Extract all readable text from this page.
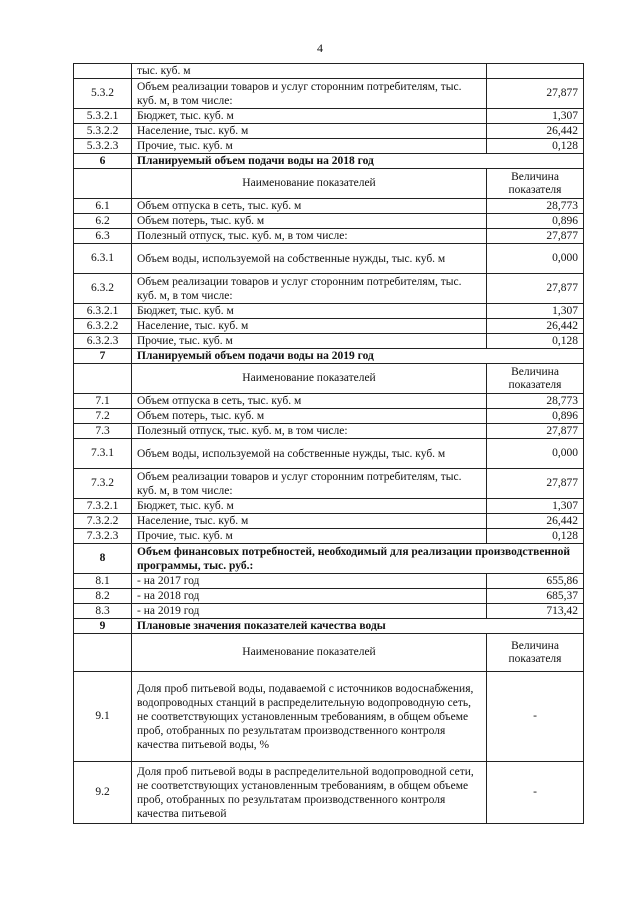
4
	тыс. куб. м	
5.3.2	Объем реализации товаров и услуг сторонним потребителям, тыс. куб. м, в том числе:	27,877
5.3.2.1	Бюджет, тыс. куб. м	1,307
5.3.2.2	Население, тыс. куб. м	26,442
5.3.2.3	Прочие, тыс. куб. м	0,128
6	Планируемый объем подачи воды на 2018 год	
	Наименование показателей	Величина показателя
6.1	Объем отпуска в сеть, тыс. куб. м	28,773
6.2	Объем потерь, тыс. куб. м	0,896
6.3	Полезный отпуск, тыс. куб. м, в том числе:	27,877
6.3.1	Объем воды, используемой на собственные нужды, тыс. куб. м	0,000
6.3.2	Объем реализации товаров и услуг сторонним потребителям, тыс. куб. м, в том числе:	27,877
6.3.2.1	Бюджет, тыс. куб. м	1,307
6.3.2.2	Население, тыс. куб. м	26,442
6.3.2.3	Прочие, тыс. куб. м	0,128
7	Планируемый объем подачи воды на 2019 год	
	Наименование показателей	Величина показателя
7.1	Объем отпуска в сеть, тыс. куб. м	28,773
7.2	Объем потерь, тыс. куб. м	0,896
7.3	Полезный отпуск, тыс. куб. м, в том числе:	27,877
7.3.1	Объем воды, используемой на собственные нужды, тыс. куб. м	0,000
7.3.2	Объем реализации товаров и услуг сторонним потребителям, тыс. куб. м, в том числе:	27,877
7.3.2.1	Бюджет, тыс. куб. м	1,307
7.3.2.2	Население, тыс. куб. м	26,442
7.3.2.3	Прочие, тыс. куб. м	0,128
8	Объем финансовых потребностей, необходимый для реализации производственной программы, тыс. руб.:	
8.1	- на 2017 год	655,86
8.2	- на 2018 год	685,37
8.3	- на 2019 год	713,42
9	Плановые значения показателей качества воды	
	Наименование показателей	Величина показателя
9.1	Доля проб питьевой воды, подаваемой с источников водоснабжения, водопроводных станций в распределительную водопроводную сеть, не соответствующих установленным требованиям, в общем объеме проб, отобранных по результатам производственного контроля качества питьевой воды, %	-
9.2	Доля проб питьевой воды в распределительной водопроводной сети, не соответствующих установленным требованиям, в общем объеме проб, отобранных по результатам производственного контроля качества питьевой	-
